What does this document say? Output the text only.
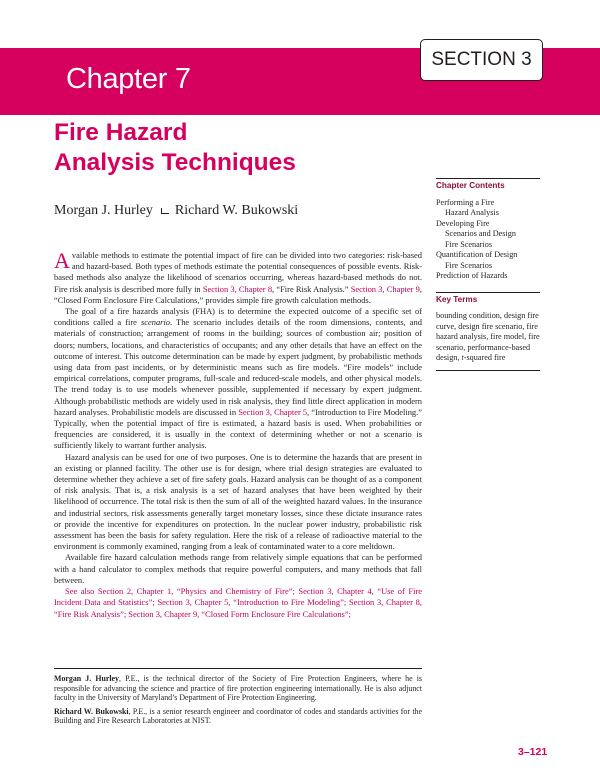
Chapter 7
SECTION 3
Fire Hazard
Analysis Techniques
Morgan J. Hurley Richard W. Bukowski
Chapter Contents
Performing a Fire
Hazard Analysis
Developing Fire
Scenarios and Design
Fire Scenarios
Quantification of Design
Fire Scenarios
Prediction of Hazards
Key Terms

bounding condition, design fire curve, design fire scenario, fire hazard analysis, fire model, fire scenario, performance-based design, t-squared fire

Available methods to estimate the potential impact of fire can be divided into two categories: risk-based and hazard-based. Both types of methods estimate the potential consequences of possible events. Risk-based methods also analyze the likelihood of scenarios occurring, whereas hazard-based methods do not. Fire risk analysis is described more fully in Section 3, Chapter 8, “Fire Risk Analysis.” Section 3, Chapter 9, “Closed Form Enclosure Fire Calculations,” provides simple fire growth calculation methods.

The goal of a fire hazards analysis (FHA) is to determine the expected outcome of a specific set of conditions called a fire scenario. The scenario includes details of the room dimensions, contents, and materials of construction; arrangement of rooms in the building; sources of combustion air; position of doors; numbers, locations, and characteristics of occupants; and any other details that have an effect on the outcome of interest. This outcome determination can be made by expert judgment, by probabilistic methods using data from past incidents, or by deterministic means such as fire models. “Fire models” include empirical correlations, computer programs, full-scale and reduced-scale models, and other physical models. The trend today is to use models whenever possible, supplemented if necessary by expert judgment. Although probabilistic methods are widely used in risk analysis, they find little direct application in modern hazard analyses. Probabilistic models are discussed in Section 3, Chapter 5, “Introduction to Fire Modeling.” Typically, when the potential impact of fire is estimated, a hazard basis is used. When probabilities or frequencies are considered, it is usually in the context of determining whether or not a scenario is sufficiently likely to warrant further analysis.

Hazard analysis can be used for one of two purposes. One is to determine the hazards that are present in an existing or planned facility. The other use is for design, where trial design strategies are evaluated to determine whether they achieve a set of fire safety goals. Hazard analysis can be thought of as a component of risk analysis. That is, a risk analysis is a set of hazard analyses that have been weighted by their likelihood of occurrence. The total risk is then the sum of all of the weighted hazard values. In the insurance and industrial sectors, risk assessments generally target monetary losses, since these dictate insurance rates or provide the incentive for expenditures on protection. In the nuclear power industry, probabilistic risk assessment has been the basis for safety regulation. Here the risk of a release of radioactive material to the environment is commonly examined, ranging from a leak of contaminated water to a core meltdown.

Available fire hazard calculation methods range from relatively simple equations that can be performed with a hand calculator to complex methods that require powerful computers, and many methods that fall between.

See also Section 2, Chapter 1, “Physics and Chemistry of Fire”; Section 3, Chapter 4, “Use of Fire Incident Data and Statistics”; Section 3, Chapter 5, “Introduction to Fire Modeling”; Section 3, Chapter 8, “Fire Risk Analysis”; Section 3, Chapter 9, “Closed Form Enclosure Fire Calculations”;

Morgan J. Hurley, P.E., is the technical director of the Society of Fire Protection Engineers, where he is responsible for advancing the science and practice of fire protection engineering internationally. He is also adjunct faculty in the University of Maryland’s Department of Fire Protection Engineering.

Richard W. Bukowski, P.E., is a senior research engineer and coordinator of codes and standards activities for the Building and Fire Research Laboratories at NIST.

3–121
